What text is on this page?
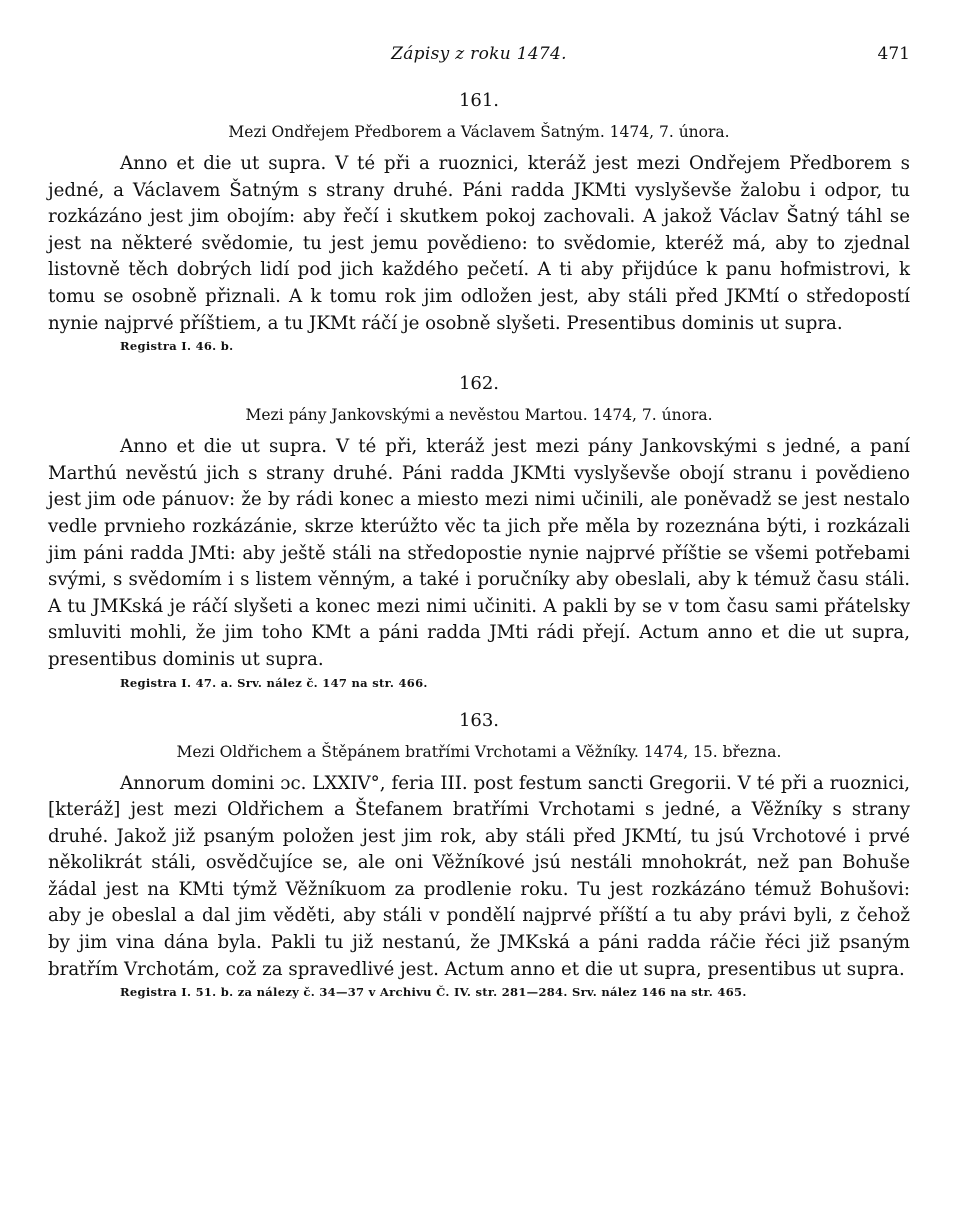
Zápisy z roku 1474.	471
161.
Mezi Ondřejem Předborem a Václavem Šatným. 1474, 7. února.

Anno et die ut supra. V té při a ruoznici, kteráž jest mezi Ondřejem Předborem s jedné, a Václavem Šatným s strany druhé. Páni radda JKMti vyslyševše žalobu i odpor, tu rozkázáno jest jim obojím: aby řečí i skutkem pokoj zachovali. A jakož Václav Šatný táhl se jest na některé svědomie, tu jest jemu povědieno: to svědomie, kteréž má, aby to zjednal listovně těch dobrých lidí pod jich každého pečetí. A ti aby přijdúce k panu hofmistrovi, k tomu se osobně přiznali. A k tomu rok jim odložen jest, aby stáli před JKMtí o středopostí nynie najprvé příštiem, a tu JKMt ráčí je osobně slyšeti. Presentibus dominis ut supra.

Registra I. 46. b.
162.
Mezi pány Jankovskými a nevěstou Martou. 1474, 7. února.

Anno et die ut supra. V té při, kteráž jest mezi pány Jankovskými s jedné, a paní Marthú nevěstú jich s strany druhé. Páni radda JKMti vyslyševše obojí stranu i povědieno jest jim ode pánuov: že by rádi konec a miesto mezi nimi učinili, ale poněvadž se jest nestalo vedle prvnieho rozkázánie, skrze kterúžto věc ta jich pře měla by rozeznána býti, i rozkázali jim páni radda JMti: aby ještě stáli na středopostie nynie najprvé příštie se všemi potřebami svými, s svědomím i s listem věnným, a také i poručníky aby obeslali, aby k témuž času stáli. A tu JMKská je ráčí slyšeti a konec mezi nimi učiniti. A pakli by se v tom času sami přátelsky smluviti mohli, že jim toho KMt a páni radda JMti rádi přejí. Actum anno et die ut supra, presentibus dominis ut supra.

Registra I. 47. a. Srv. nález č. 147 na str. 466.
163.
Mezi Oldřichem a Štěpánem bratřími Vrchotami a Věžníky. 1474, 15. března.

Annorum domini ɔc. LXXIV°, feria III. post festum sancti Gregorii. V té při a ruoznici, [kteráž] jest mezi Oldřichem a Štefanem bratřími Vrchotami s jedné, a Věžníky s strany druhé. Jakož již psaným položen jest jim rok, aby stáli před JKMtí, tu jsú Vrchotové i prvé několikrát stáli, osvědčujíce se, ale oni Věžníkové jsú nestáli mnohokrát, než pan Bohuše žádal jest na KMti týmž Věžníkuom za prodlenie roku. Tu jest rozkázáno témuž Bohušovi: aby je obeslal a dal jim věděti, aby stáli v pondělí najprvé příští a tu aby právi byli, z čehož by jim vina dána byla. Pakli tu již nestanú, že JMKská a páni radda ráčie řéci již psaným bratřím Vrchotám, což za spravedlivé jest. Actum anno et die ut supra, presentibus ut supra.

Registra I. 51. b. za nálezy č. 34—37 v Archivu Č. IV. str. 281—284. Srv. nález 146 na str. 465.
